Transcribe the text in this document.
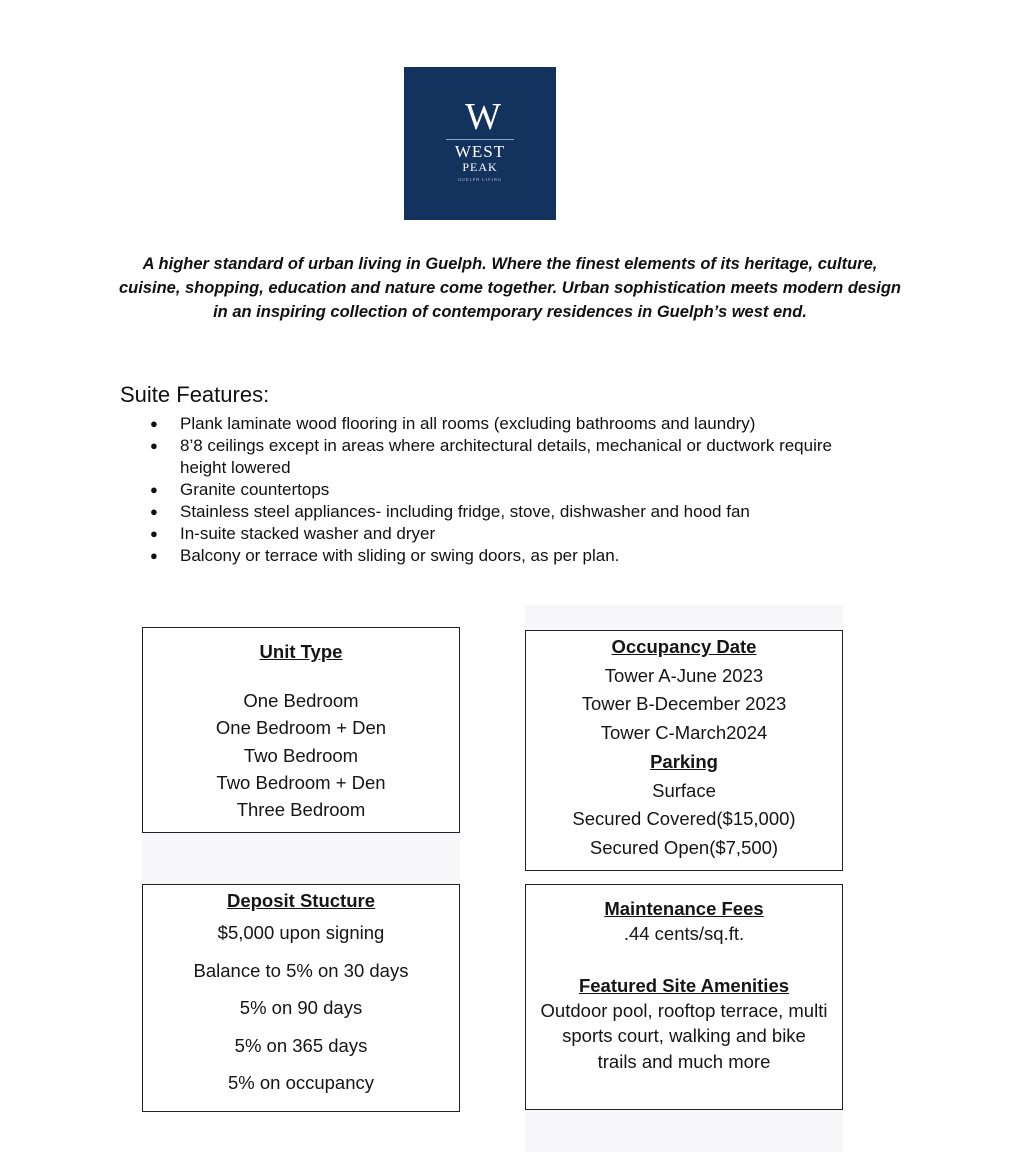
W
WEST
PEAK
GUELPH LIVING
A higher standard of urban living in Guelph. Where the finest elements of its heritage, culture, cuisine, shopping, education and nature come together. Urban sophistication meets modern design in an inspiring collection of contemporary residences in Guelph’s west end.
Suite Features:
● Plank laminate wood flooring in all rooms (excluding bathrooms and laundry)
● 8’8 ceilings except in areas where architectural details, mechanical or ductwork require height lowered
● Granite countertops
● Stainless steel appliances- including fridge, stove, dishwasher and hood fan
● In-suite stacked washer and dryer
● Balcony or terrace with sliding or swing doors, as per plan.
Unit Type
One Bedroom
One Bedroom + Den
Two Bedroom
Two Bedroom + Den
Three Bedroom
Occupancy Date
Tower A-June 2023
Tower B-December 2023
Tower C-March2024
Parking
Surface
Secured Covered($15,000)
Secured Open($7,500)
Deposit Stucture
$5,000 upon signing
Balance to 5% on 30 days
5% on 90 days
5% on 365 days
5% on occupancy
Maintenance Fees
.44 cents/sq.ft.
Featured Site Amenities
Outdoor pool, rooftop terrace, multi
sports court, walking and bike
trails and much more
